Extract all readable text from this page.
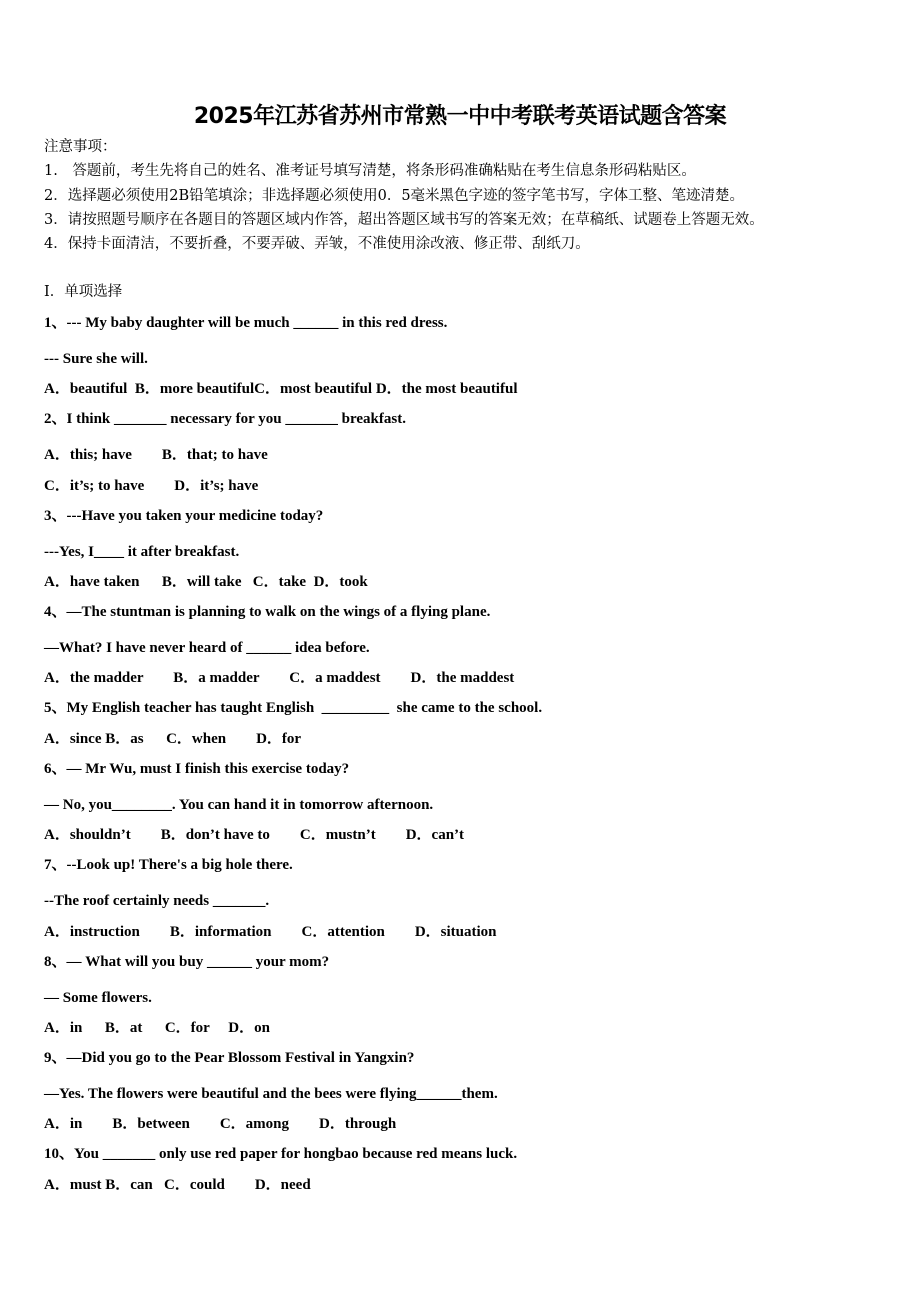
2025年江苏省苏州市常熟一中中考联考英语试题含答案
注意事项：
1.　答题前，考生先将自己的姓名、准考证号填写清楚，将条形码准确粘贴在考生信息条形码粘贴区。
2．选择题必须使用2B铅笔填涂；非选择题必须使用0．5毫米黑色字迹的签字笔书写，字体工整、笔迹清楚。
3．请按照题号顺序在各题目的答题区域内作答，超出答题区域书写的答案无效；在草稿纸、试题卷上答题无效。
4．保持卡面清洁，不要折叠，不要弄破、弄皱，不准使用涂改液、修正带、刮纸刀。
Ⅰ．单项选择
1、--- My baby daughter will be much ______ in this red dress.
--- Sure she will.
A．beautiful  B．more beautifulC．most beautiful D．the most beautiful
2、I think _______ necessary for you _______ breakfast.
A．this; have        B．that; to have
C．it’s; to have        D．it’s; have
3、---Have you taken your medicine today?
---Yes, I____ it after breakfast.
A．have taken      B．will take   C．take  D．took
4、—The stuntman is planning to walk on the wings of a flying plane.
—What? I have never heard of ______ idea before.
A．the madder        B．a madder        C．a maddest        D．the maddest
5、My English teacher has taught English  _________  she came to the school.
A．since B．as      C．when        D．for
6、— Mr Wu, must I finish this exercise today?
— No, you________. You can hand it in tomorrow afternoon.
A．shouldn’t        B．don’t have to        C．mustn’t        D．can’t
7、--Look up! There's a big hole there.
--The roof certainly needs _______.
A．instruction        B．information        C．attention        D．situation
8、— What will you buy ______ your mom?
— Some flowers.
A．in      B．at      C．for     D．on
9、—Did you go to the Pear Blossom Festival in Yangxin?
—Yes. The flowers were beautiful and the bees were flying______them.
A．in        B．between        C．among        D．through
10、You _______ only use red paper for hongbao because red means luck.
A．must B．can   C．could        D．need
